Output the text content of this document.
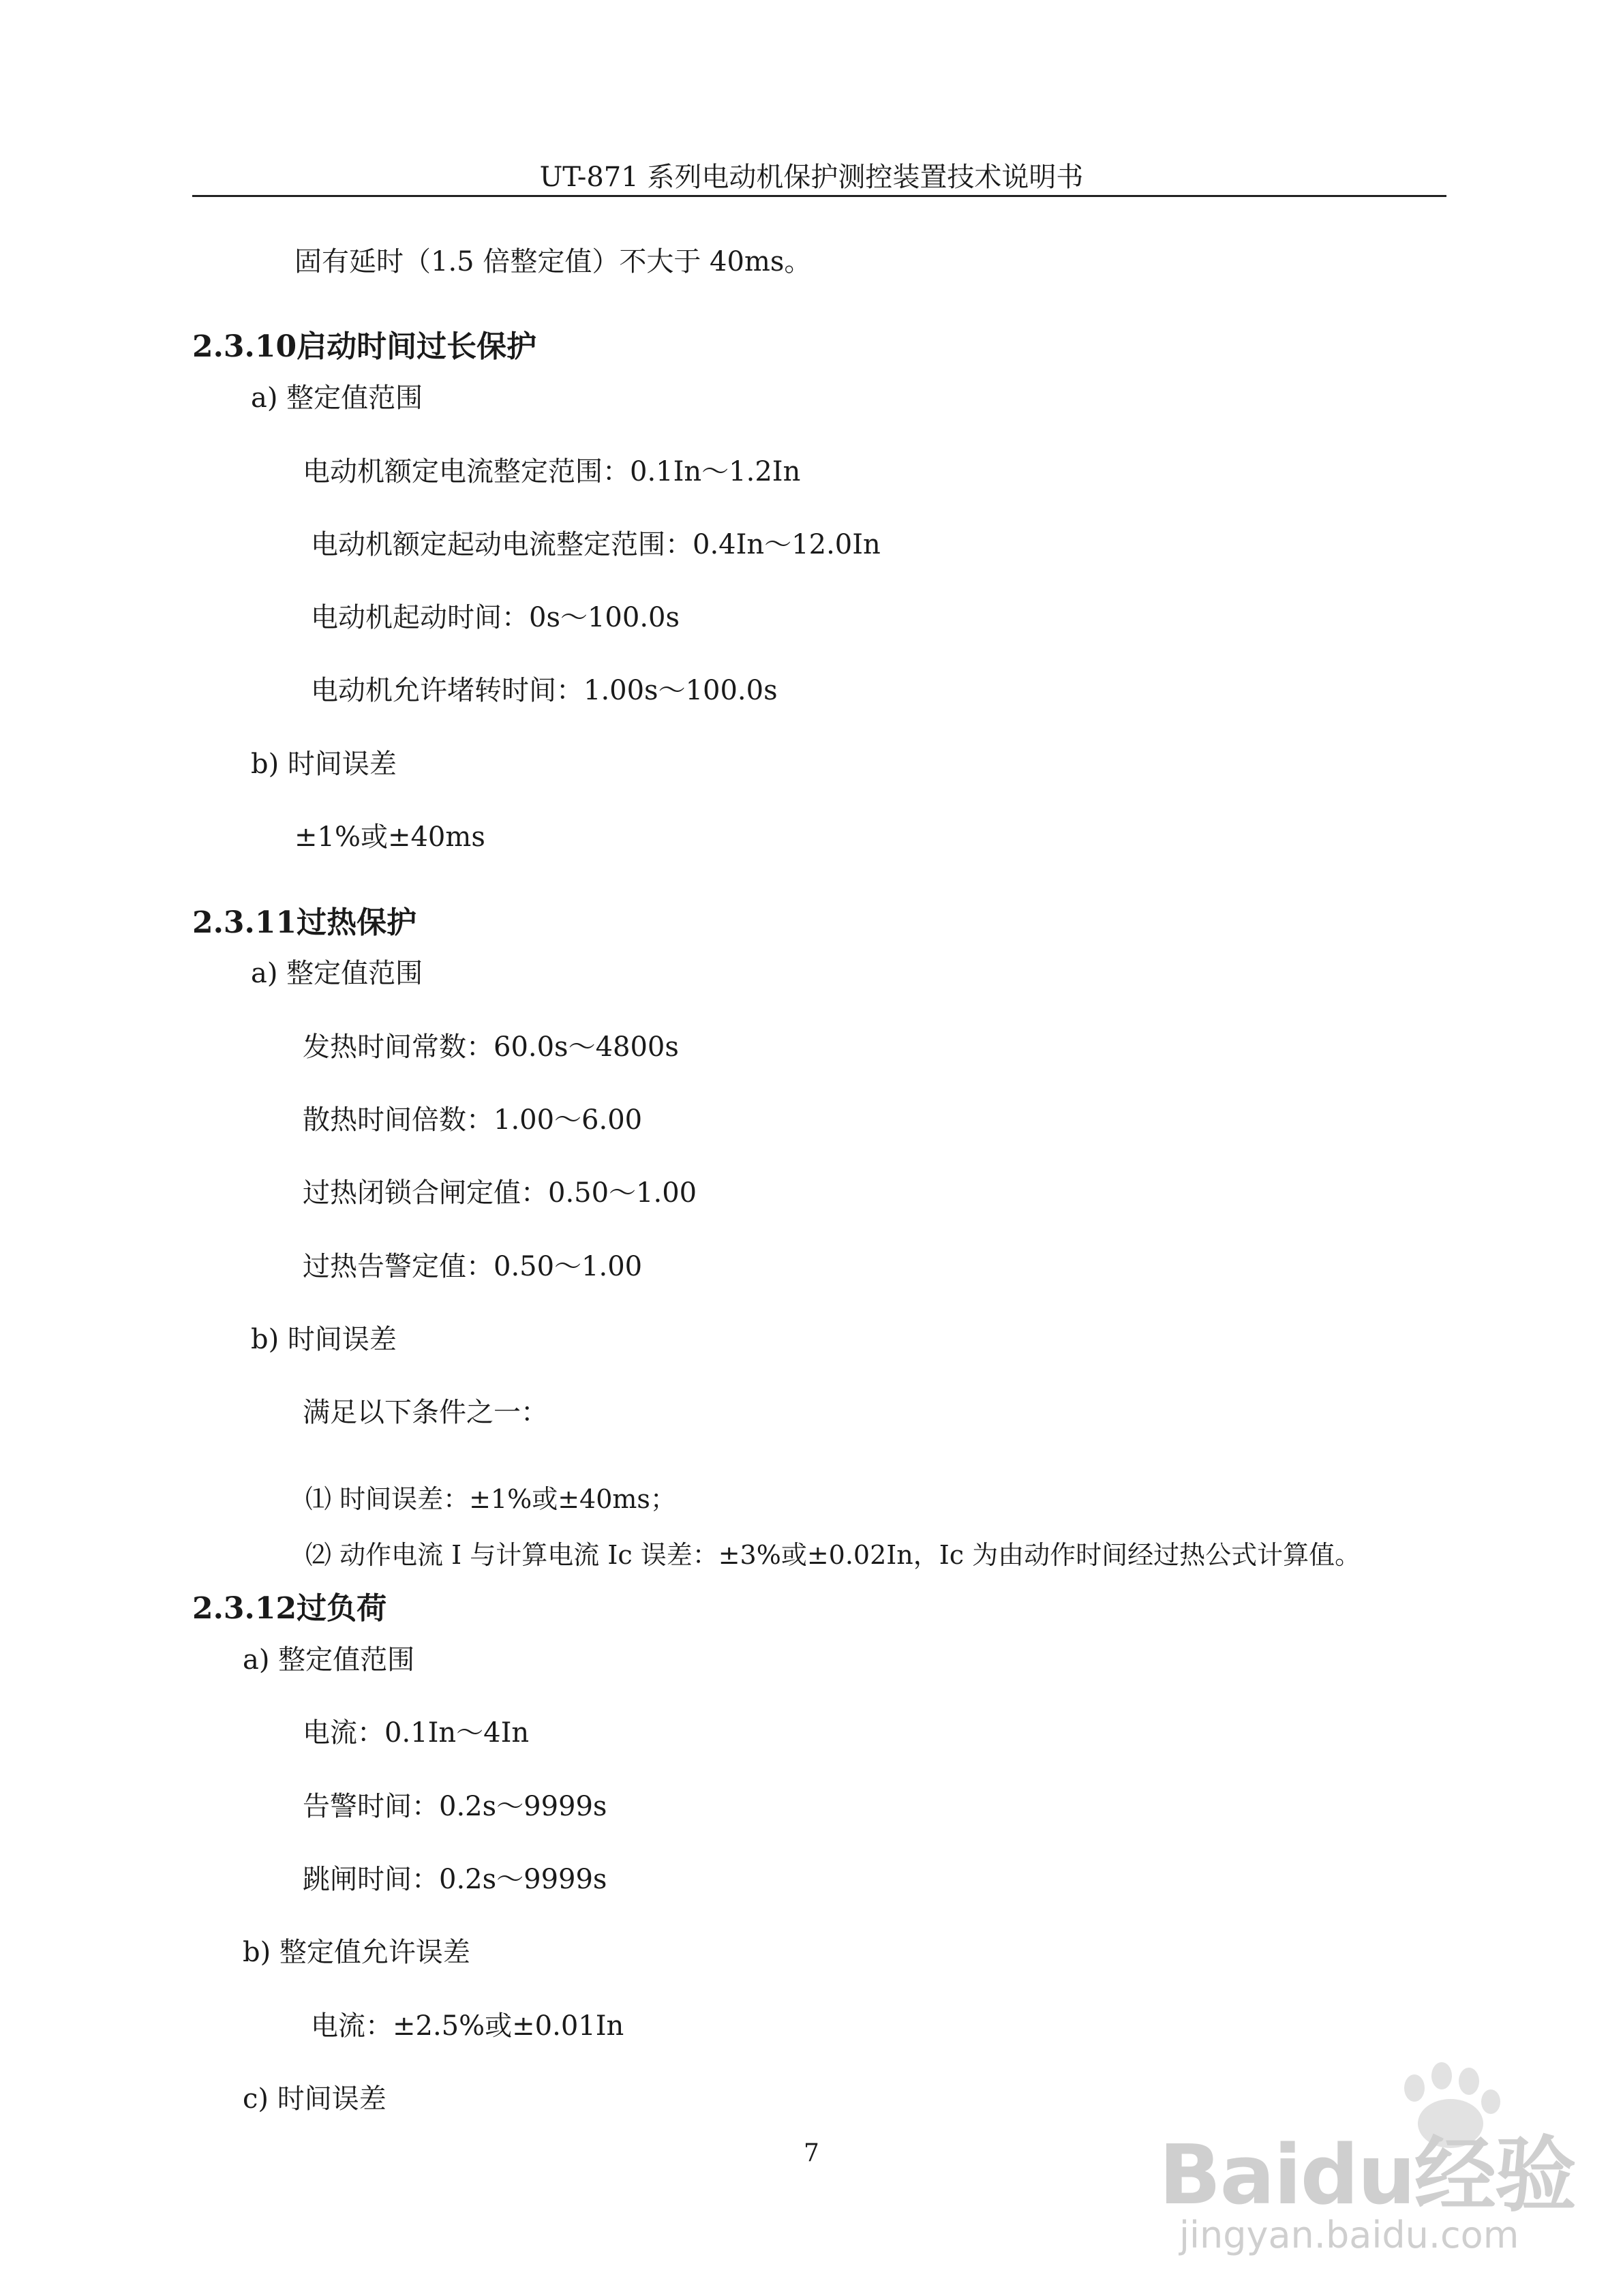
UT-871 系列电动机保护测控装置技术说明书
固有延时（1.5 倍整定值）不大于 40ms。
2.3.10启动时间过长保护
a) 整定值范围
电动机额定电流整定范围：0.1In～1.2In
电动机额定起动电流整定范围：0.4In～12.0In
电动机起动时间：0s～100.0s
电动机允许堵转时间：1.00s～100.0s
b) 时间误差
±1%或±40ms
2.3.11过热保护
a) 整定值范围
发热时间常数：60.0s～4800s
散热时间倍数：1.00～6.00
过热闭锁合闸定值：0.50～1.00
过热告警定值：0.50～1.00
b) 时间误差
满足以下条件之一：
⑴ 时间误差：±1%或±40ms；
⑵ 动作电流 I 与计算电流 Ic 误差：±3%或±0.02In，Ic 为由动作时间经过热公式计算值。
2.3.12过负荷
a) 整定值范围
电流：0.1In～4In
告警时间：0.2s～9999s
跳闸时间：0.2s～9999s
b) 整定值允许误差
电流：±2.5%或±0.01In
c) 时间误差
7	Baidu经验
jingyan.baidu.com
